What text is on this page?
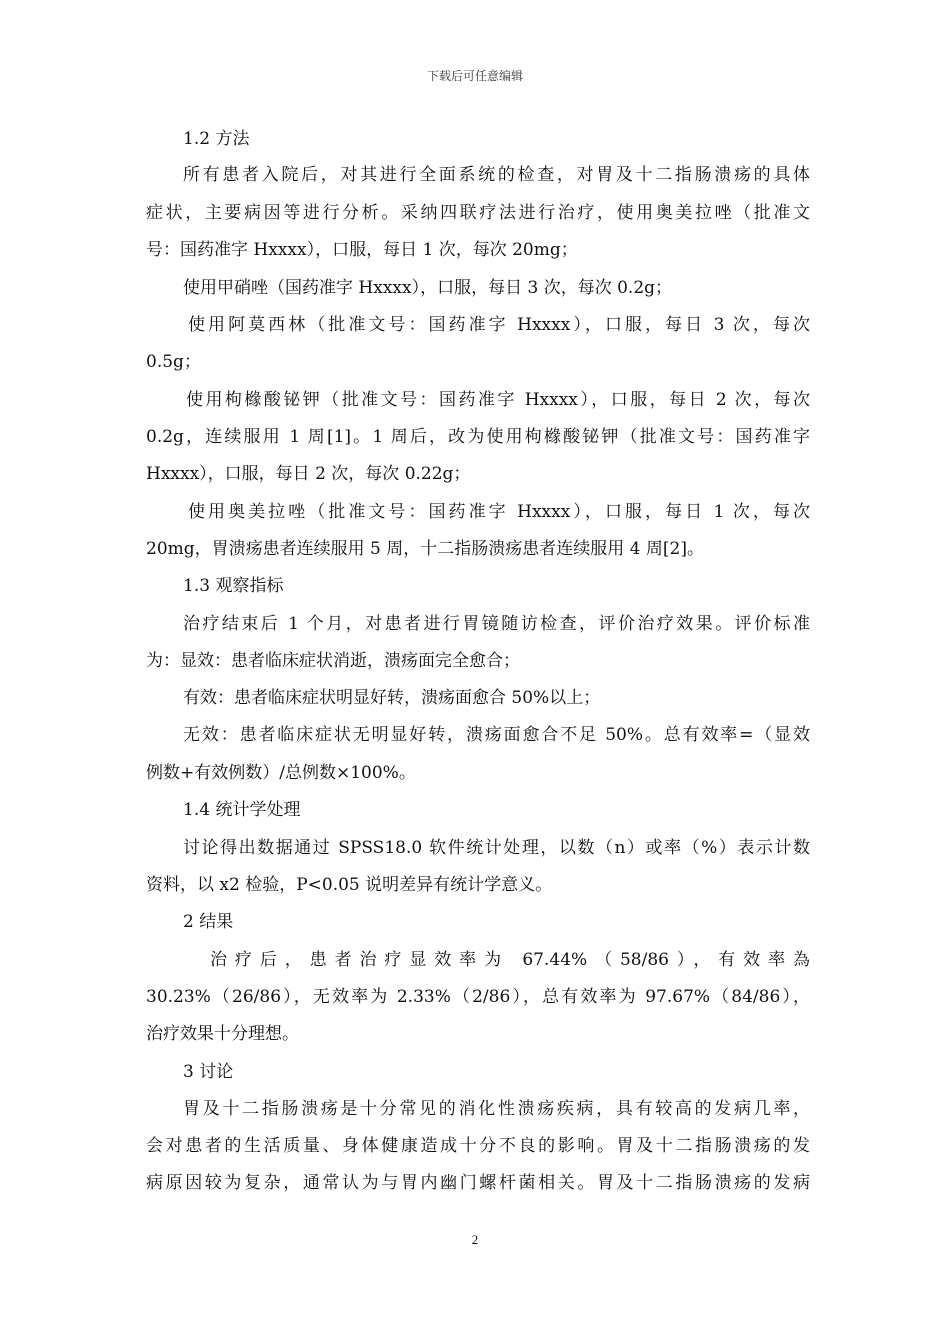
下载后可任意编辑
1.2 方法
所有患者入院后，对其进行全面系统的检查，对胃及十二指肠溃疡的具体
症状，主要病因等进行分析。采纳四联疗法进行治疗，使用奥美拉唑（批准文
号：国药准字 Hxxxx），口服，每日 1 次，每次 20mg；
使用甲硝唑（国药准字 Hxxxx），口服，每日 3 次，每次 0.2g；
使用阿莫西林（批准文号：国药准字 Hxxxx），口服，每日 3 次，每次
0.5g；
使用枸橼酸铋钾（批准文号：国药准字 Hxxxx），口服，每日 2 次，每次
0.2g，连续服用 1 周[1]。1 周后，改为使用枸橼酸铋钾（批准文号：国药准字
Hxxxx），口服，每日 2 次，每次 0.22g；
使用奥美拉唑（批准文号：国药准字 Hxxxx），口服，每日 1 次，每次
20mg，胃溃疡患者连续服用 5 周，十二指肠溃疡患者连续服用 4 周[2]。
1.3 观察指标
治疗结束后 1 个月，对患者进行胃镜随访检查，评价治疗效果。评价标准
为：显效：患者临床症状消逝，溃疡面完全愈合；
有效：患者临床症状明显好转，溃疡面愈合 50%以上；
无效：患者临床症状无明显好转，溃疡面愈合不足 50%。总有效率=（显效
例数+有效例数）/总例数×100%。
1.4 统计学处理
讨论得出数据通过 SPSS18.0 软件统计处理，以数（n）或率（%）表示计数
资料，以 x2 检验，P<0.05 说明差异有统计学意义。
2 结果
治疗后，患者治疗显效率为 67.44%（58/86），有效率為
30.23%（26/86），无效率为 2.33%（2/86），总有效率为 97.67%（84/86），
治疗效果十分理想。
3 讨论
胃及十二指肠溃疡是十分常见的消化性溃疡疾病，具有较高的发病几率，
会对患者的生活质量、身体健康造成十分不良的影响。胃及十二指肠溃疡的发
病原因较为复杂，通常认为与胃内幽门螺杆菌相关。胃及十二指肠溃疡的发病
2
